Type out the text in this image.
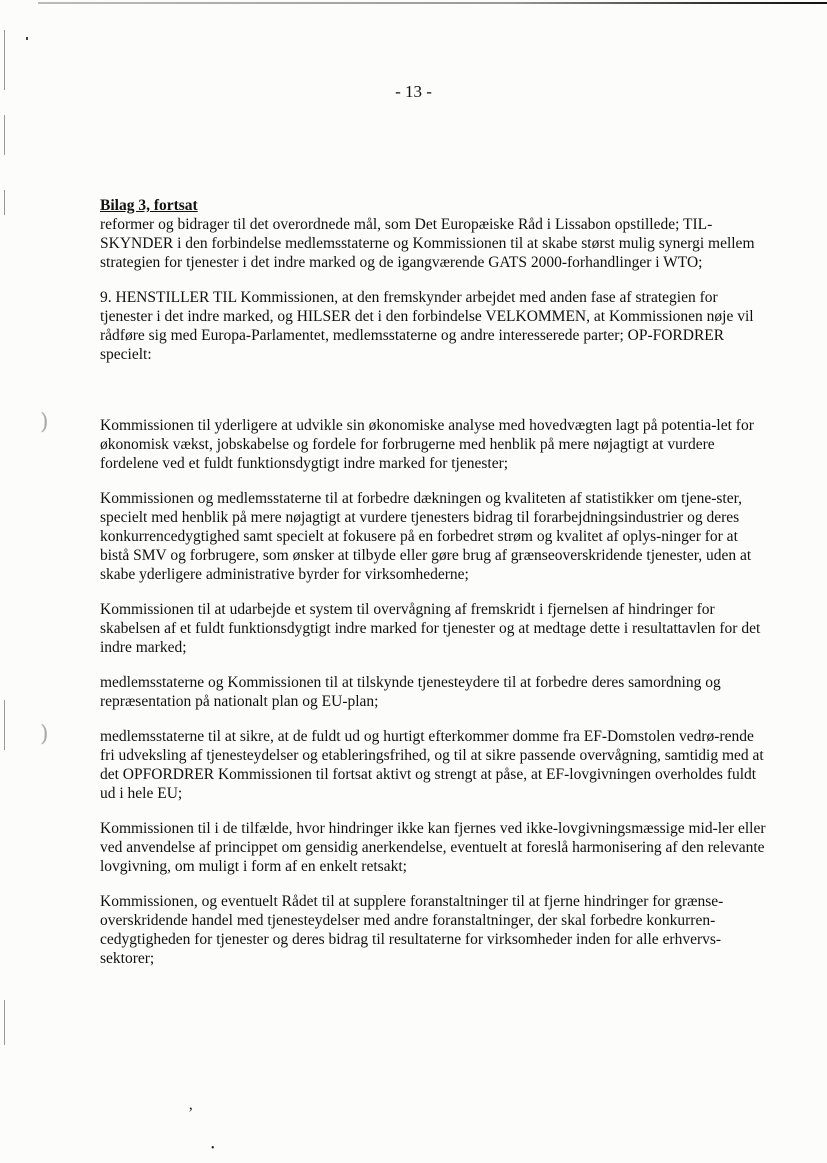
)
)
- 13 -
Bilag 3, fortsat

reformer og bidrager til det overordnede mål, som Det Europæiske Råd i Lissabon opstillede; TIL-SKYNDER i den forbindelse medlemsstaterne og Kommissionen til at skabe størst mulig synergi mellem strategien for tjenester i det indre marked og de igangværende GATS 2000-forhandlinger i WTO;

9. HENSTILLER TIL Kommissionen, at den fremskynder arbejdet med anden fase af strategien for tjenester i det indre marked, og HILSER det i den forbindelse VELKOMMEN, at Kommissionen nøje vil rådføre sig med Europa-Parlamentet, medlemsstaterne og andre interesserede parter; OP-FORDRER specielt:

Kommissionen til yderligere at udvikle sin økonomiske analyse med hovedvægten lagt på potentia-let for økonomisk vækst, jobskabelse og fordele for forbrugerne med henblik på mere nøjagtigt at vurdere fordelene ved et fuldt funktionsdygtigt indre marked for tjenester;

Kommissionen og medlemsstaterne til at forbedre dækningen og kvaliteten af statistikker om tjene-ster, specielt med henblik på mere nøjagtigt at vurdere tjenesters bidrag til forarbejdningsindustrier og deres konkurrencedygtighed samt specielt at fokusere på en forbedret strøm og kvalitet af oplys-ninger for at bistå SMV og forbrugere, som ønsker at tilbyde eller gøre brug af grænseoverskridende tjenester, uden at skabe yderligere administrative byrder for virksomhederne;

Kommissionen til at udarbejde et system til overvågning af fremskridt i fjernelsen af hindringer for skabelsen af et fuldt funktionsdygtigt indre marked for tjenester og at medtage dette i resultattavlen for det indre marked;

medlemsstaterne og Kommissionen til at tilskynde tjenesteydere til at forbedre deres samordning og repræsentation på nationalt plan og EU-plan;

medlemsstaterne til at sikre, at de fuldt ud og hurtigt efterkommer domme fra EF-Domstolen vedrø-rende fri udveksling af tjenesteydelser og etableringsfrihed, og til at sikre passende overvågning, samtidig med at det OPFORDRER Kommissionen til fortsat aktivt og strengt at påse, at EF-lovgivningen overholdes fuldt ud i hele EU;

Kommissionen til i de tilfælde, hvor hindringer ikke kan fjernes ved ikke-lovgivningsmæssige mid-ler eller ved anvendelse af princippet om gensidig anerkendelse, eventuelt at foreslå harmonisering af den relevante lovgivning, om muligt i form af en enkelt retsakt;

Kommissionen, og eventuelt Rådet til at supplere foranstaltninger til at fjerne hindringer for grænse-overskridende handel med tjenesteydelser med andre foranstaltninger, der skal forbedre konkurren-cedygtigheden for tjenester og deres bidrag til resultaterne for virksomheder inden for alle erhvervs-sektorer;

’
•
